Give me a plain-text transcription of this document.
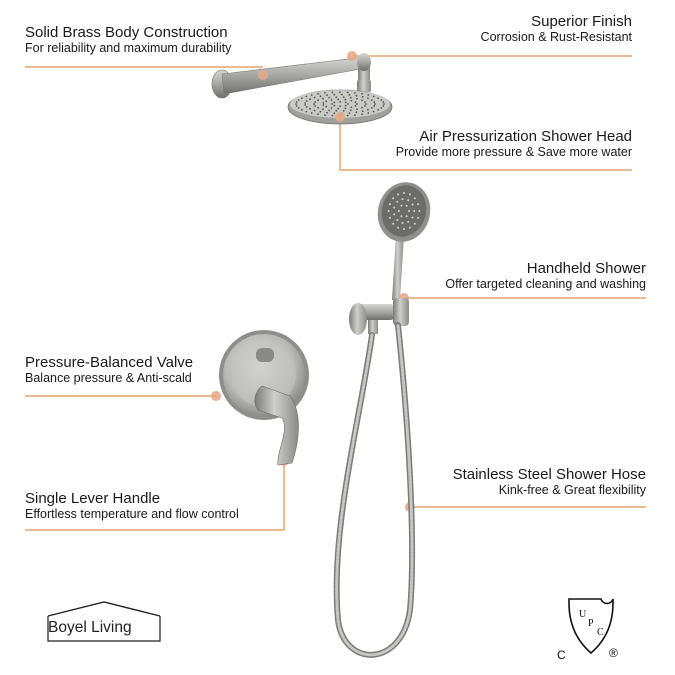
Solid Brass Body Construction
For reliability and maximum durability
Superior Finish
Corrosion & Rust-Resistant
Air Pressurization Shower Head
Provide more pressure & Save more water
Handheld Shower
Offer targeted cleaning and washing
Pressure-Balanced Valve
Balance pressure & Anti-scald
Stainless Steel Shower Hose
Kink-free & Great flexibility
Single Lever Handle
Effortless temperature and flow control
Boyel Living
U
P
C
C	®
